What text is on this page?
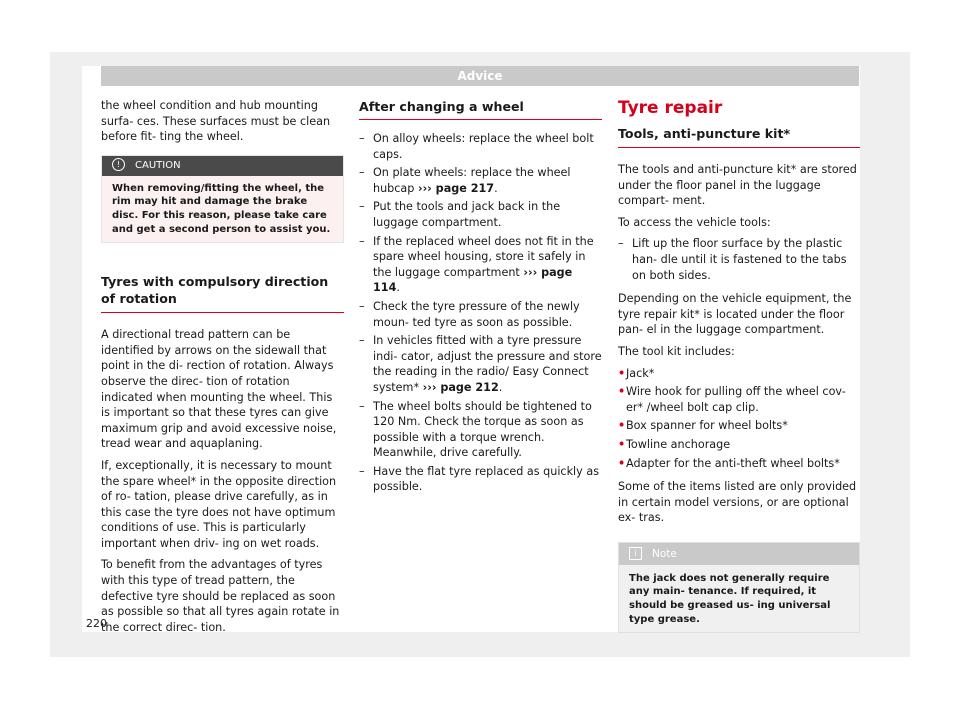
Advice

the wheel condition and hub mounting surfa- ces. These surfaces must be clean before fit- ting the wheel.

! CAUTION
When removing/fitting the wheel, the rim may hit and damage the brake disc. For this reason, please take care and get a second person to assist you.
Tyres with compulsory direction of rotation

A directional tread pattern can be identified by arrows on the sidewall that point in the di- rection of rotation. Always observe the direc- tion of rotation indicated when mounting the wheel. This is important so that these tyres can give maximum grip and avoid excessive noise, tread wear and aquaplaning.

If, exceptionally, it is necessary to mount the spare wheel* in the opposite direction of ro- tation, please drive carefully, as in this case the tyre does not have optimum conditions of use. This is particularly important when driv- ing on wet roads.

To benefit from the advantages of tyres with this type of tread pattern, the defective tyre should be replaced as soon as possible so that all tyres again rotate in the correct direc- tion.

After changing a wheel
– On alloy wheels: replace the wheel bolt caps.
– On plate wheels: replace the wheel hubcap ››› page 217.
– Put the tools and jack back in the luggage compartment.
– If the replaced wheel does not fit in the spare wheel housing, store it safely in the luggage compartment ››› page 114.
– Check the tyre pressure of the newly moun- ted tyre as soon as possible.
– In vehicles fitted with a tyre pressure indi- cator, adjust the pressure and store the reading in the radio/ Easy Connect system* ››› page 212.
– The wheel bolts should be tightened to 120 Nm. Check the torque as soon as possible with a torque wrench. Meanwhile, drive carefully.
– Have the flat tyre replaced as quickly as possible.
Tyre repair
Tools, anti-puncture kit*

The tools and anti-puncture kit* are stored under the floor panel in the luggage compart- ment.

To access the vehicle tools:

– Lift up the floor surface by the plastic han- dle until it is fastened to the tabs on both sides.

Depending on the vehicle equipment, the tyre repair kit* is located under the floor pan- el in the luggage compartment.

The tool kit includes:

• Jack*
• Wire hook for pulling off the wheel cov- er* /wheel bolt cap clip.
• Box spanner for wheel bolts*
• Towline anchorage
• Adapter for the anti-theft wheel bolts*

Some of the items listed are only provided in certain model versions, or are optional ex- tras.

i Note
The jack does not generally require any main- tenance. If required, it should be greased us- ing universal type grease.
220
